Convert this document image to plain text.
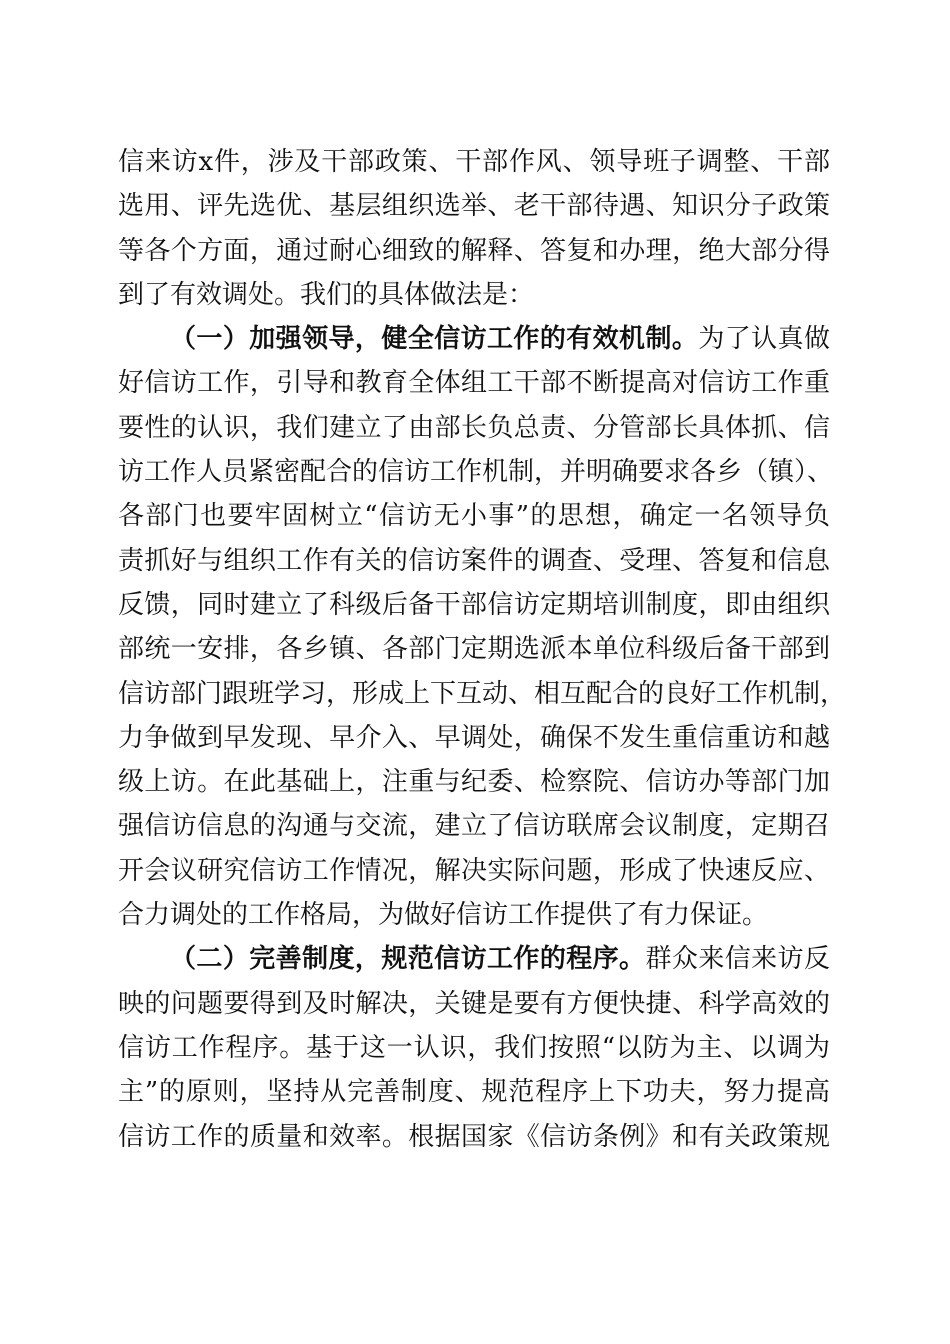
信来访x件，涉及干部政策、干部作风、领导班子调整、干部
选用、评先选优、基层组织选举、老干部待遇、知识分子政策
等各个方面，通过耐心细致的解释、答复和办理，绝大部分得
到了有效调处。我们的具体做法是：
（一）加强领导，健全信访工作的有效机制。为了认真做
好信访工作，引导和教育全体组工干部不断提高对信访工作重
要性的认识，我们建立了由部长负总责、分管部长具体抓、信
访工作人员紧密配合的信访工作机制，并明确要求各乡（镇）、
各部门也要牢固树立“信访无小事”的思想，确定一名领导负
责抓好与组织工作有关的信访案件的调查、受理、答复和信息
反馈，同时建立了科级后备干部信访定期培训制度，即由组织
部统一安排，各乡镇、各部门定期选派本单位科级后备干部到
信访部门跟班学习，形成上下互动、相互配合的良好工作机制，
力争做到早发现、早介入、早调处，确保不发生重信重访和越
级上访。在此基础上，注重与纪委、检察院、信访办等部门加
强信访信息的沟通与交流，建立了信访联席会议制度，定期召
开会议研究信访工作情况，解决实际问题，形成了快速反应、
合力调处的工作格局，为做好信访工作提供了有力保证。
（二）完善制度，规范信访工作的程序。群众来信来访反
映的问题要得到及时解决，关键是要有方便快捷、科学高效的
信访工作程序。基于这一认识，我们按照“以防为主、以调为
主”的原则，坚持从完善制度、规范程序上下功夫，努力提高
信访工作的质量和效率。根据国家《信访条例》和有关政策规
